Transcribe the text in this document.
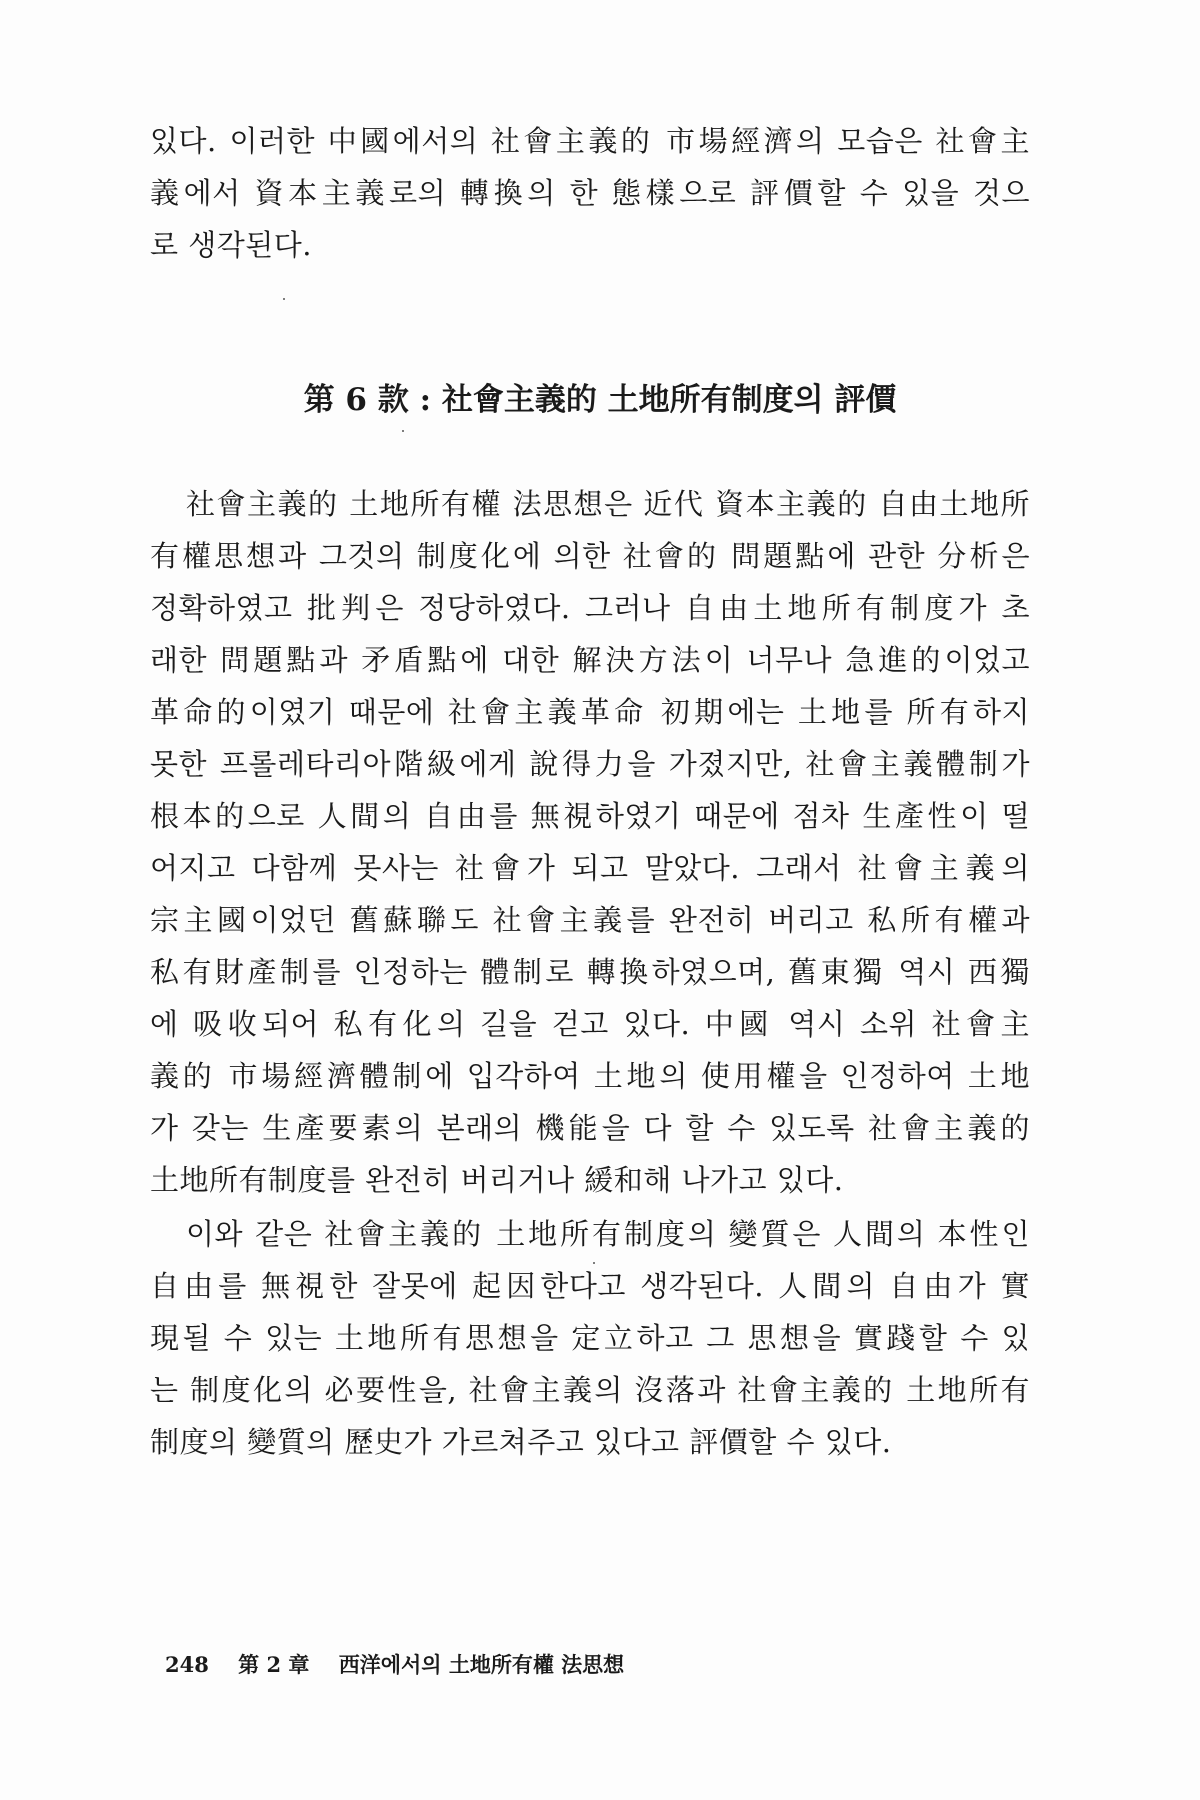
있다. 이러한 中國에서의 社會主義的 市場經濟의 모습은 社會主
義에서 資本主義로의 轉換의 한 態樣으로 評價할 수 있을 것으
로 생각된다.
第 6 款 : 社會主義的 土地所有制度의 評價
社會主義的 土地所有權 法思想은 近代 資本主義的 自由土地所
有權思想과 그것의 制度化에 의한 社會的 問題點에 관한 分析은
정확하였고 批判은 정당하였다. 그러나 自由土地所有制度가 초
래한 問題點과 矛盾點에 대한 解決方法이 너무나 急進的이었고
革命的이였기 때문에 社會主義革命 初期에는 土地를 所有하지
못한 프롤레타리아階級에게 說得力을 가졌지만, 社會主義體制가
根本的으로 人間의 自由를 無視하였기 때문에 점차 生產性이 떨
어지고 다함께 못사는 社會가 되고 말았다. 그래서 社會主義의
宗主國이었던 舊蘇聯도 社會主義를 완전히 버리고 私所有權과
私有財產制를 인정하는 體制로 轉換하였으며, 舊東獨 역시 西獨
에 吸收되어 私有化의 길을 걷고 있다. 中國 역시 소위 社會主
義的 市場經濟體制에 입각하여 土地의 使用權을 인정하여 土地
가 갖는 生產要素의 본래의 機能을 다 할 수 있도록 社會主義的
土地所有制度를 완전히 버리거나 緩和해 나가고 있다.
이와 같은 社會主義的 土地所有制度의 變質은 人間의 本性인
自由를 無視한 잘못에 起因한다고 생각된다. 人間의 自由가 實
現될 수 있는 土地所有思想을 定立하고 그 思想을 實踐할 수 있
는 制度化의 必要性을, 社會主義의 沒落과 社會主義的 土地所有
制度의 變質의 歷史가 가르쳐주고 있다고 評價할 수 있다.
248 第 2 章 西洋에서의 土地所有權 法思想
